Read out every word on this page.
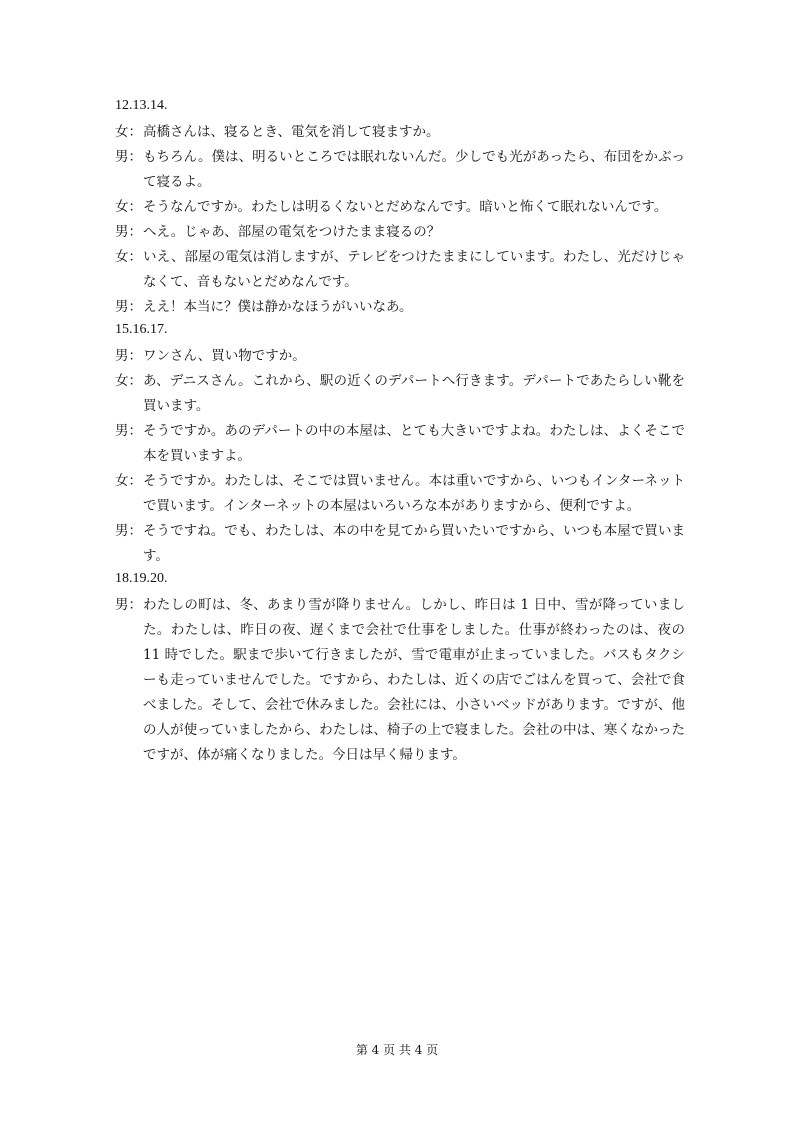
12.13.14.
女： 高橋さんは、寝るとき、電気を消して寝ますか。
男： もちろん。僕は、明るいところでは眠れないんだ。少しでも光があったら、布団をかぶって寝るよ。
女： そうなんですか。わたしは明るくないとだめなんです。暗いと怖くて眠れないんです。
男： へえ。じゃあ、部屋の電気をつけたまま寝るの？
女： いえ、部屋の電気は消しますが、テレビをつけたままにしています。わたし、光だけじゃなくて、音もないとだめなんです。
男： ええ！本当に？僕は静かなほうがいいなあ。
15.16.17.
男： ワンさん、買い物ですか。
女： あ、デニスさん。これから、駅の近くのデパートへ行きます。デパートであたらしい靴を買います。
男： そうですか。あのデパートの中の本屋は、とても大きいですよね。わたしは、よくそこで本を買いますよ。
女： そうですか。わたしは、そこでは買いません。本は重いですから、いつもインターネットで買います。インターネットの本屋はいろいろな本がありますから、便利ですよ。
男： そうですね。でも、わたしは、本の中を見てから買いたいですから、いつも本屋で買います。
18.19.20.
男： わたしの町は、冬、あまり雪が降りません。しかし、昨日は 1 日中、雪が降っていました。わたしは、昨日の夜、遅くまで会社で仕事をしました。仕事が終わったのは、夜の 11 時でした。駅まで歩いて行きましたが、雪で電車が止まっていました。バスもタクシーも走っていませんでした。ですから、わたしは、近くの店でごはんを買って、会社で食べました。そして、会社で休みました。会社には、小さいベッドがあります。ですが、他の人が使っていましたから、わたしは、椅子の上で寝ました。会社の中は、寒くなかったですが、体が痛くなりました。今日は早く帰ります。
第 4 页 共 4 页
